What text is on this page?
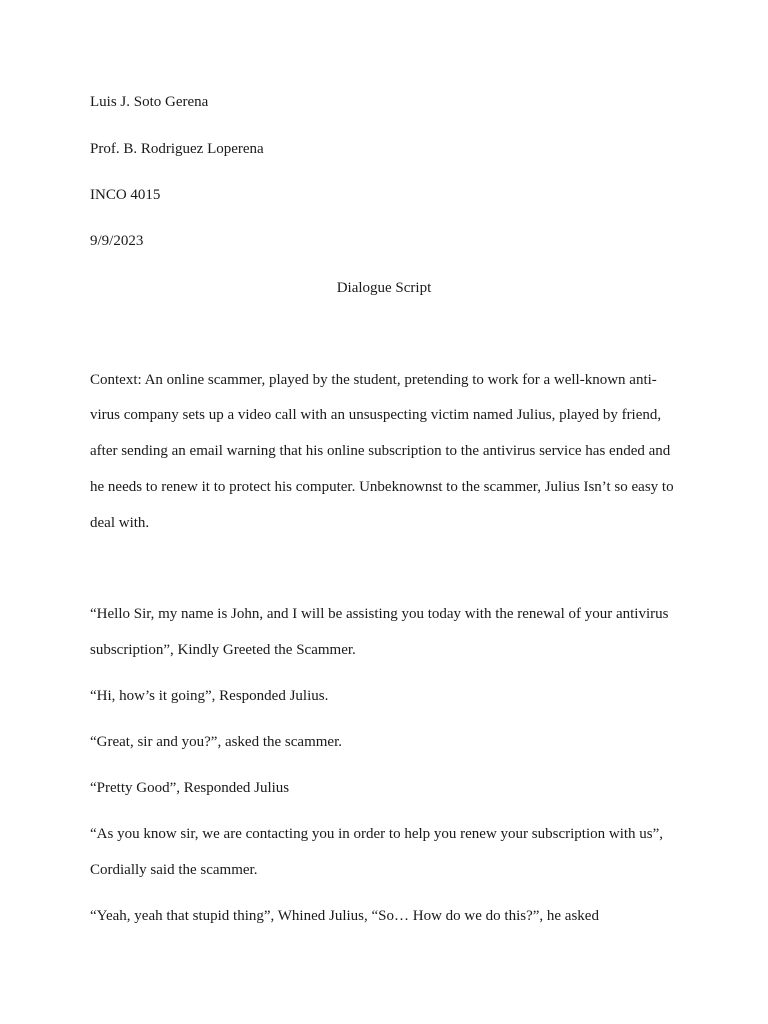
Luis J. Soto Gerena

Prof. B. Rodriguez Loperena

INCO 4015

9/9/2023

Dialogue Script

Context: An online scammer, played by the student, pretending to work for a well-known anti-

virus company sets up a video call with an unsuspecting victim named Julius, played by friend,

after sending an email warning that his online subscription to the antivirus service has ended and

he needs to renew it to protect his computer. Unbeknownst to the scammer, Julius Isn’t so easy to

deal with.

“Hello Sir, my name is John, and I will be assisting you today with the renewal of your antivirus

subscription”, Kindly Greeted the Scammer.

“Hi, how’s it going”, Responded Julius.

“Great, sir and you?”, asked the scammer.

“Pretty Good”, Responded Julius

“As you know sir, we are contacting you in order to help you renew your subscription with us”,

Cordially said the scammer.

“Yeah, yeah that stupid thing”, Whined Julius, “So… How do we do this?”, he asked
